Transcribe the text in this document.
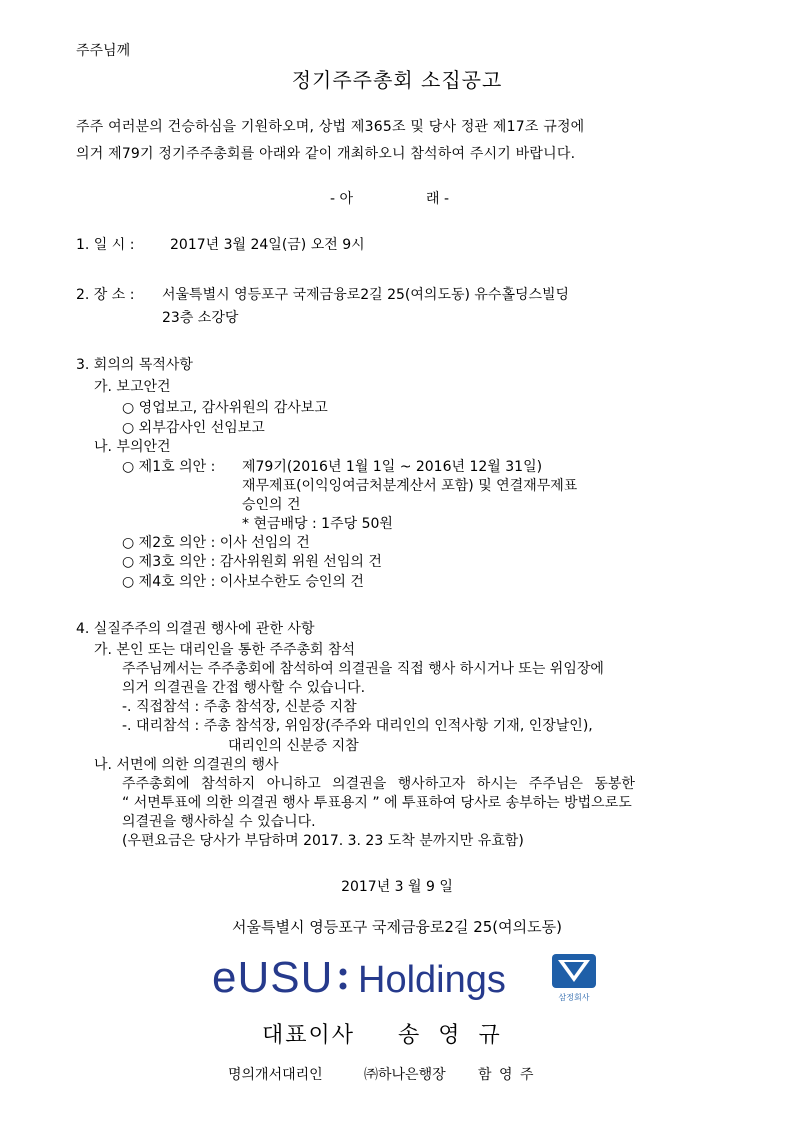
주주님께
정기주주총회 소집공고
주주 여러분의 건승하심을 기원하오며, 상법 제365조 및 당사 정관 제17조 규정에
의거 제79기 정기주주총회를 아래와 같이 개최하오니 참석하여 주시기 바랍니다.
- 아	래 -
1. 일 시 :	2017년 3월 24일(금) 오전 9시
2. 장 소 : 서울특별시 영등포구 국제금융로2길 25(여의도동) 유수홀딩스빌딩
23층 소강당
3. 회의의 목적사항
가. 보고안건
○ 영업보고, 감사위원의 감사보고
○ 외부감사인 선임보고
나. 부의안건
○ 제1호 의안 : 제79기(2016년 1월 1일 ~ 2016년 12월 31일)
재무제표(이익잉여금처분계산서 포함) 및 연결재무제표
승인의 건
* 현금배당 : 1주당 50원
○ 제2호 의안 : 이사 선임의 건
○ 제3호 의안 : 감사위원회 위원 선임의 건
○ 제4호 의안 : 이사보수한도 승인의 건
4. 실질주주의 의결권 행사에 관한 사항
가. 본인 또는 대리인을 통한 주주총회 참석
주주님께서는 주주총회에 참석하여 의결권을 직접 행사 하시거나 또는 위임장에
의거 의결권을 간접 행사할 수 있습니다.
-. 직접참석 : 주총 참석장, 신분증 지참
-. 대리참석 : 주총 참석장, 위임장(주주와 대리인의 인적사항 기재, 인장날인),
대리인의 신분증 지참
나. 서면에 의한 의결권의 행사
주주총회에 참석하지 아니하고 의결권을 행사하고자 하시는 주주님은 동봉한
“ 서면투표에 의한 의결권 행사 투표용지 ” 에 투표하여 당사로 송부하는 방법으로도
의결권을 행사하실 수 있습니다.
(우편요금은 당사가 부담하며 2017. 3. 23 도착 분까지만 유효함)
2017년 3 월 9 일
서울특별시 영등포구 국제금융로2길 25(여의도동)
eUSU Holdings	삼정회사
대표이사 송 영 규
명의개서대리인	㈜하나은행장 함 영 주
